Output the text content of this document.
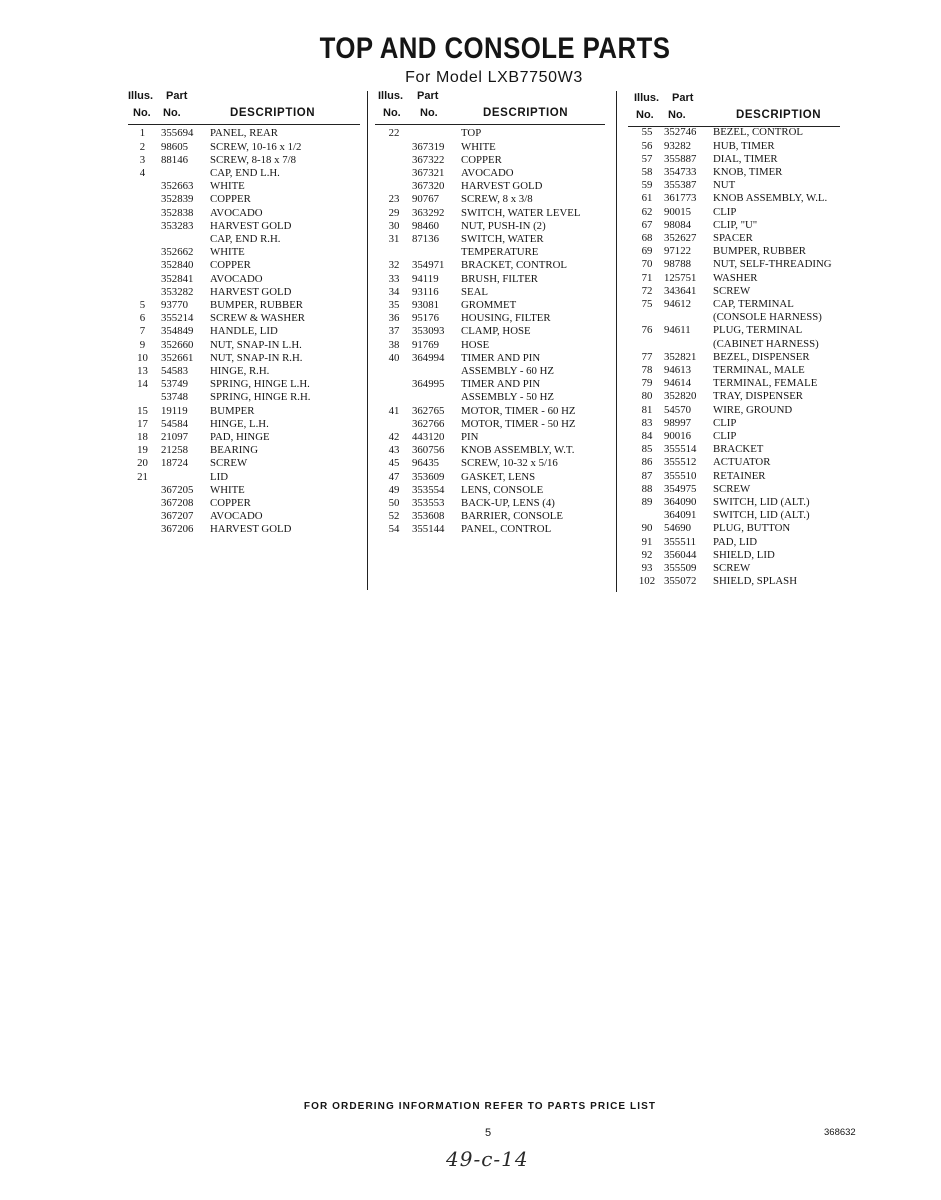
TOP AND CONSOLE PARTS
For Model LXB7750W3
Illus. Part
No. No.	DESCRIPTION
1	355694 PANEL, REAR
2	98605 SCREW, 10-16 x 1/2
3	88146 SCREW, 8-18 x 7/8
4	CAP, END L.H.
352663 WHITE
352839 COPPER
352838 AVOCADO
353283 HARVEST GOLD
CAP, END R.H.
352662 WHITE
352840 COPPER
352841 AVOCADO
353282 HARVEST GOLD
5	93770 BUMPER, RUBBER
6	355214 SCREW & WASHER
7	354849 HANDLE, LID
9	352660 NUT, SNAP-IN L.H.
10	352661 NUT, SNAP-IN R.H.
13	54583 HINGE, R.H.
14	53749 SPRING, HINGE L.H.
53748 SPRING, HINGE R.H.
15	19119 BUMPER
17	54584 HINGE, L.H.
18	21097 PAD, HINGE
19	21258 BEARING
20	18724 SCREW
21	LID
367205 WHITE
367208 COPPER
367207 AVOCADO
367206 HARVEST GOLD
Illus. Part
No. No.	DESCRIPTION
22	TOP
367319 WHITE
367322 COPPER
367321 AVOCADO
367320 HARVEST GOLD
23	90767 SCREW, 8 x 3/8
29	363292 SWITCH, WATER LEVEL
30	98460 NUT, PUSH-IN (2)
31	87136 SWITCH, WATER
TEMPERATURE
32	354971 BRACKET, CONTROL
33	94119 BRUSH, FILTER
34	93116 SEAL
35	93081 GROMMET
36	95176 HOUSING, FILTER
37	353093 CLAMP, HOSE
38	91769 HOSE
40	364994 TIMER AND PIN
ASSEMBLY - 60 HZ
364995 TIMER AND PIN
ASSEMBLY - 50 HZ
41	362765 MOTOR, TIMER - 60 HZ
362766 MOTOR, TIMER - 50 HZ
42	443120 PIN
43	360756 KNOB ASSEMBLY, W.T.
45	96435 SCREW, 10-32 x 5/16
47	353609 GASKET, LENS
49	353554 LENS, CONSOLE
50	353553 BACK-UP, LENS (4)
52	353608 BARRIER, CONSOLE
54	355144 PANEL, CONTROL
Illus. Part
No. No.	DESCRIPTION
55	352746 BEZEL, CONTROL
56	93282 HUB, TIMER
57	355887 DIAL, TIMER
58	354733 KNOB, TIMER
59	355387 NUT
61	361773 KNOB ASSEMBLY, W.L.
62	90015 CLIP
67	98084 CLIP, "U"
68	352627 SPACER
69	97122 BUMPER, RUBBER
70	98788 NUT, SELF-THREADING
71	125751 WASHER
72	343641 SCREW
75	94612 CAP, TERMINAL
(CONSOLE HARNESS)
76	94611 PLUG, TERMINAL
(CABINET HARNESS)
77	352821 BEZEL, DISPENSER
78	94613 TERMINAL, MALE
79	94614 TERMINAL, FEMALE
80	352820 TRAY, DISPENSER
81	54570 WIRE, GROUND
83	98997 CLIP
84	90016 CLIP
85	355514 BRACKET
86	355512 ACTUATOR
87	355510 RETAINER
88	354975 SCREW
89	364090 SWITCH, LID (ALT.)
364091 SWITCH, LID (ALT.)
90	54690 PLUG, BUTTON
91	355511 PAD, LID
92	356044 SHIELD, LID
93	355509 SCREW
102 355072 SHIELD, SPLASH
FOR ORDERING INFORMATION REFER TO PARTS PRICE LIST
5	368632
49-c-14
